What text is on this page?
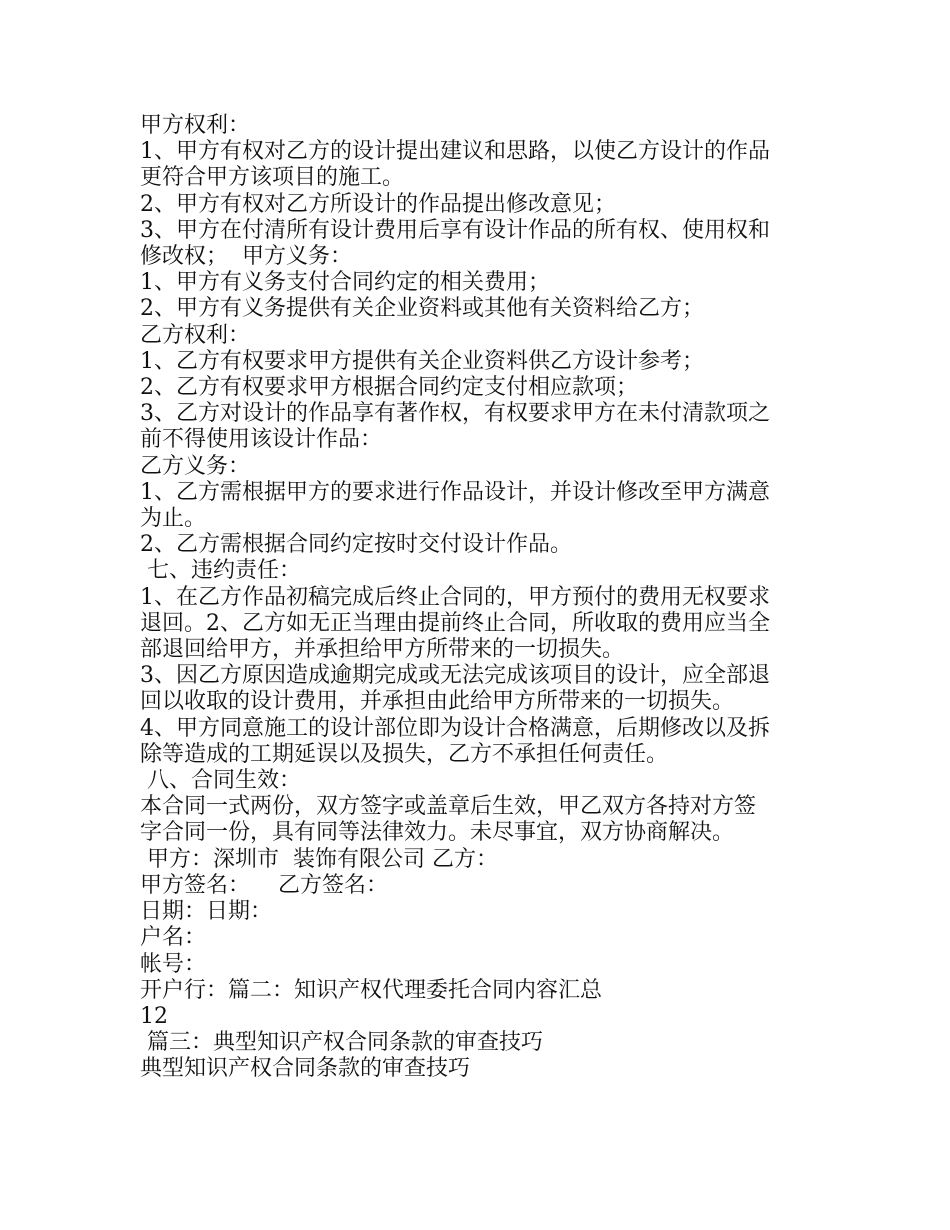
甲方权利：

1、甲方有权对乙方的设计提出建议和思路，以使乙方设计的作品

更符合甲方该项目的施工。

2、甲方有权对乙方所设计的作品提出修改意见；

3、甲方在付清所有设计费用后享有设计作品的所有权、使用权和

修改权；  甲方义务：

1、甲方有义务支付合同约定的相关费用；

2、甲方有义务提供有关企业资料或其他有关资料给乙方；

乙方权利：

1、乙方有权要求甲方提供有关企业资料供乙方设计参考；

2、乙方有权要求甲方根据合同约定支付相应款项；

3、乙方对设计的作品享有著作权，有权要求甲方在未付清款项之

前不得使用该设计作品：

乙方义务：

1、乙方需根据甲方的要求进行作品设计，并设计修改至甲方满意

为止。

2、乙方需根据合同约定按时交付设计作品。

七、违约责任：

1、在乙方作品初稿完成后终止合同的，甲方预付的费用无权要求

退回。2、乙方如无正当理由提前终止合同，所收取的费用应当全

部退回给甲方，并承担给甲方所带来的一切损失。

3、因乙方原因造成逾期完成或无法完成该项目的设计，应全部退

回以收取的设计费用，并承担由此给甲方所带来的一切损失。

4、甲方同意施工的设计部位即为设计合格满意，后期修改以及拆

除等造成的工期延误以及损失，乙方不承担任何责任。

八、合同生效：

本合同一式两份，双方签字或盖章后生效，甲乙双方各持对方签

字合同一份，具有同等法律效力。未尽事宜，双方协商解决。

甲方：深圳市  装饰有限公司 乙方：

甲方签名：    乙方签名：

日期：日期：

户名：

帐号：

开户行：篇二：知识产权代理委托合同内容汇总

12

篇三：典型知识产权合同条款的审查技巧

典型知识产权合同条款的审查技巧
